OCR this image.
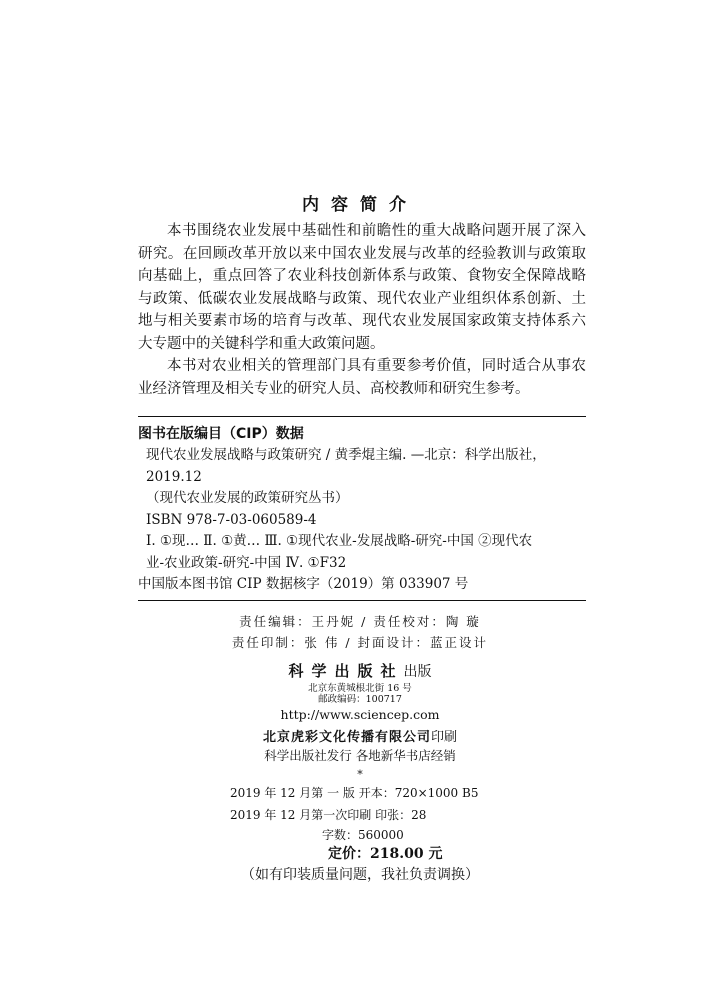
内容简介

本书围绕农业发展中基础性和前瞻性的重大战略问题开展了深入研究。在回顾改革开放以来中国农业发展与改革的经验教训与政策取向基础上，重点回答了农业科技创新体系与政策、食物安全保障战略与政策、低碳农业发展战略与政策、现代农业产业组织体系创新、土地与相关要素市场的培育与改革、现代农业发展国家政策支持体系六大专题中的关键科学和重大政策问题。

本书对农业相关的管理部门具有重要参考价值，同时适合从事农业经济管理及相关专业的研究人员、高校教师和研究生参考。

图书在版编目（CIP）数据
现代农业发展战略与政策研究 / 黄季焜主编. —北京：科学出版社，
2019.12
（现代农业发展的政策研究丛书）
ISBN 978-7-03-060589-4
Ⅰ. ①现… Ⅱ. ①黄… Ⅲ. ①现代农业-发展战略-研究-中国 ②现代农
业-农业政策-研究-中国 Ⅳ. ①F32
中国版本图书馆 CIP 数据核字（2019）第 033907 号
责任编辑：王丹妮 / 责任校对：陶 璇
责任印制：张 伟 / 封面设计：蓝正设计
科学出版社出版
北京东黄城根北街 16 号
邮政编码：100717
http://www.sciencep.com
北京虎彩文化传播有限公司印刷
科学出版社发行 各地新华书店经销
*
2019 年 12 月第 一 版 开本：720×1000 B5
2019 年 12 月第一次印刷 印张：28
字数：560000
定价：218.00 元
（如有印装质量问题，我社负责调换）
